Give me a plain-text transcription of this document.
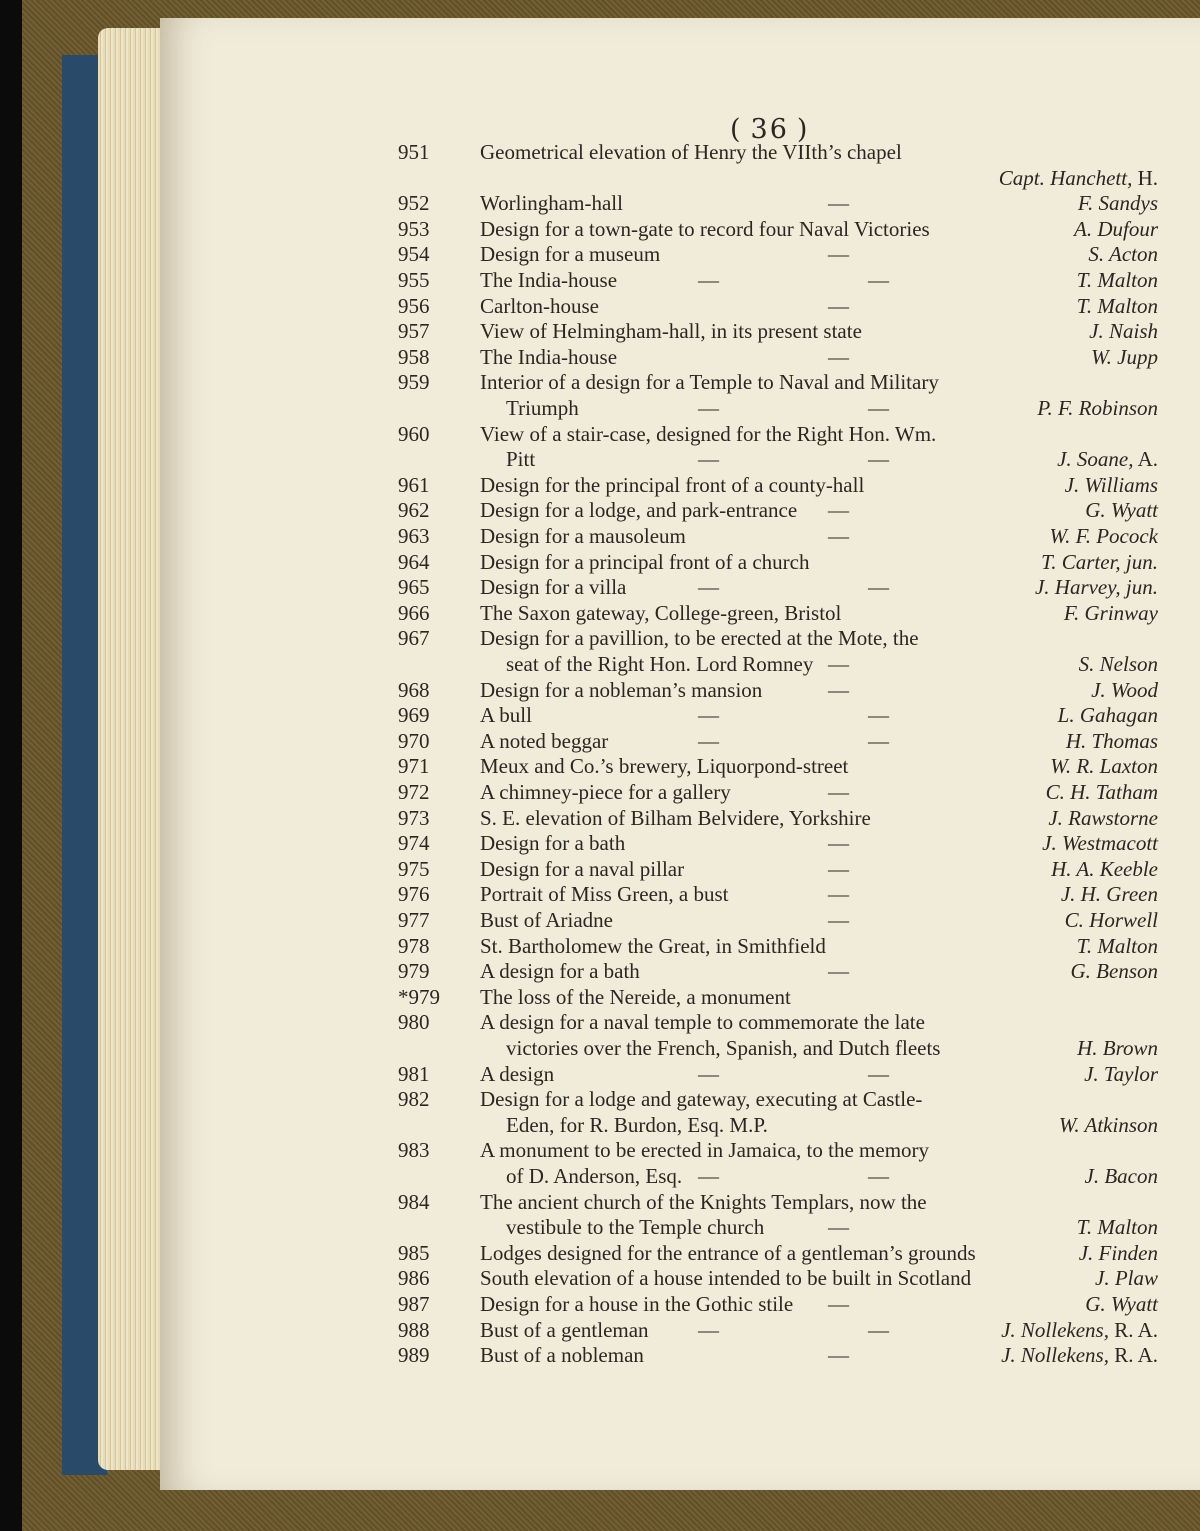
( 36 )
951	Geometrical elevation of Henry the VIIth’s chapel
Capt. Hanchett, H.
952	Worlingham-hall	—	F. Sandys
953	Design for a town-gate to record four Naval Victories	A. Dufour
954	Design for a museum	—	S. Acton
955	The India-house	—	—	T. Malton
956	Carlton-house	—	T. Malton
957	View of Helmingham-hall, in its present state	J. Naish
958	The India-house	—	W. Jupp
959	Interior of a design for a Temple to Naval and Military
Triumph	—	—	P. F. Robinson
960	View of a stair-case, designed for the Right Hon. Wm.
Pitt	—	—	J. Soane, A.
961	Design for the principal front of a county-hall	J. Williams
962	Design for a lodge, and park-entrance —	G. Wyatt
963	Design for a mausoleum	—	W. F. Pocock
964	Design for a principal front of a church	T. Carter, jun.
965	Design for a villa	—	—	J. Harvey, jun.
966	The Saxon gateway, College-green, Bristol	F. Grinway
967	Design for a pavillion, to be erected at the Mote, the
seat of the Right Hon. Lord Romney —	S. Nelson
968	Design for a nobleman’s mansion	—	J. Wood
969	A bull	—	—	L. Gahagan
970	A noted beggar	—	—	H. Thomas
971	Meux and Co.’s brewery, Liquorpond-street	W. R. Laxton
972	A chimney-piece for a gallery	—	C. H. Tatham
973	S. E. elevation of Bilham Belvidere, Yorkshire	J. Rawstorne
974	Design for a bath	—	J. Westmacott
975	Design for a naval pillar	—	H. A. Keeble
976	Portrait of Miss Green, a bust	—	J. H. Green
977	Bust of Ariadne	—	C. Horwell
978	St. Bartholomew the Great, in Smithfield	T. Malton
979	A design for a bath	—	G. Benson
*979	The loss of the Nereide, a monument
980	A design for a naval temple to commemorate the late
victories over the French, Spanish, and Dutch fleets	H. Brown
981	A design	—	—	J. Taylor
982	Design for a lodge and gateway, executing at Castle-
Eden, for R. Burdon, Esq. M.P.	W. Atkinson
983	A monument to be erected in Jamaica, to the memory
of D. Anderson, Esq. —	—	J. Bacon
984	The ancient church of the Knights Templars, now the
vestibule to the Temple church	—	T. Malton
985	Lodges designed for the entrance of a gentleman’s grounds	J. Finden
986	South elevation of a house intended to be built in Scotland	J. Plaw
987	Design for a house in the Gothic stile —	G. Wyatt
988	Bust of a gentleman —	—	J. Nollekens, R. A.
989	Bust of a nobleman	—	J. Nollekens, R. A.
